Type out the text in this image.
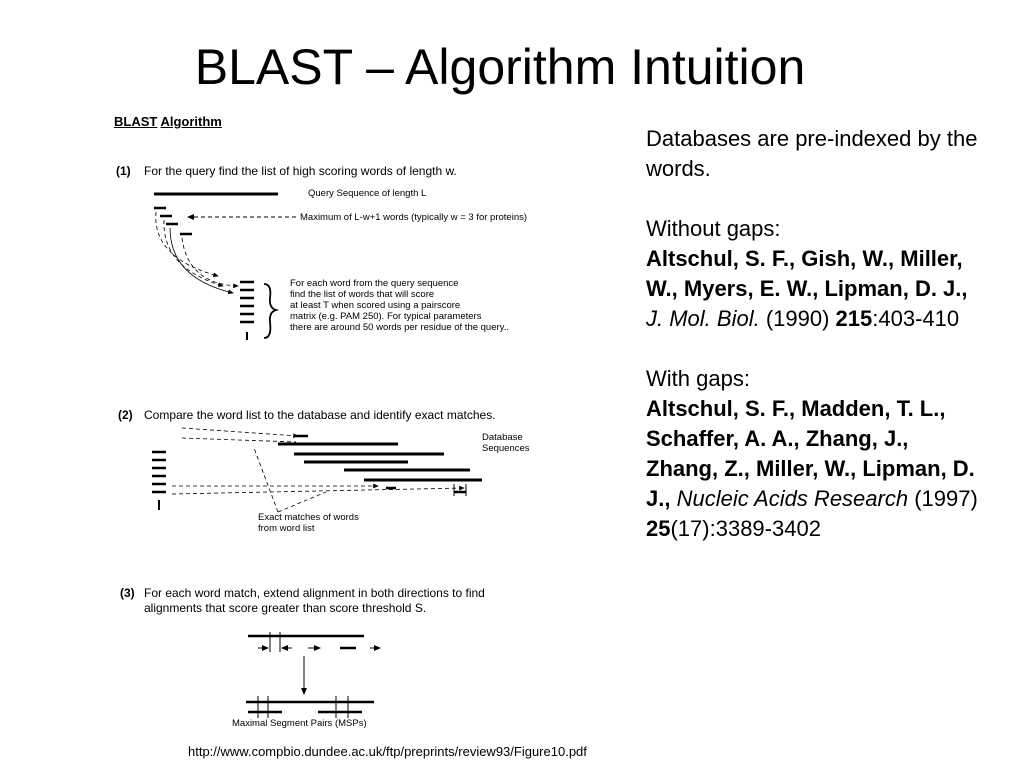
BLAST – Algorithm Intuition
BLAST Algorithm
(1) For the query find the list of high scoring words of length w.
Query Sequence of length L
Maximum of L-w+1 words (typically w = 3 for proteins)
For each word from the query sequence
find the list of words that will score
at least T when scored using a pairscore
matrix (e.g. PAM 250). For typical parameters
there are around 50 words per residue of the query..
(2) Compare the word list to the database and identify exact matches.
Database
Sequences
Exact matches of words
from word list
(3) For each word match, extend alignment in both directions to find
alignments that score greater than score threshold S.
Maximal Segment Pairs (MSPs)

Databases are pre-indexed by the words.

Without gaps:
Altschul, S. F., Gish, W., Miller, W., Myers, E. W., Lipman, D. J., J. Mol. Biol. (1990) 215:403-410

With gaps:
Altschul, S. F., Madden, T. L., Schaffer, A. A., Zhang, J., Zhang, Z., Miller, W., Lipman, D. J., Nucleic Acids Research (1997)
25(17):3389-3402

http://www.compbio.dundee.ac.uk/ftp/preprints/review93/Figure10.pdf
